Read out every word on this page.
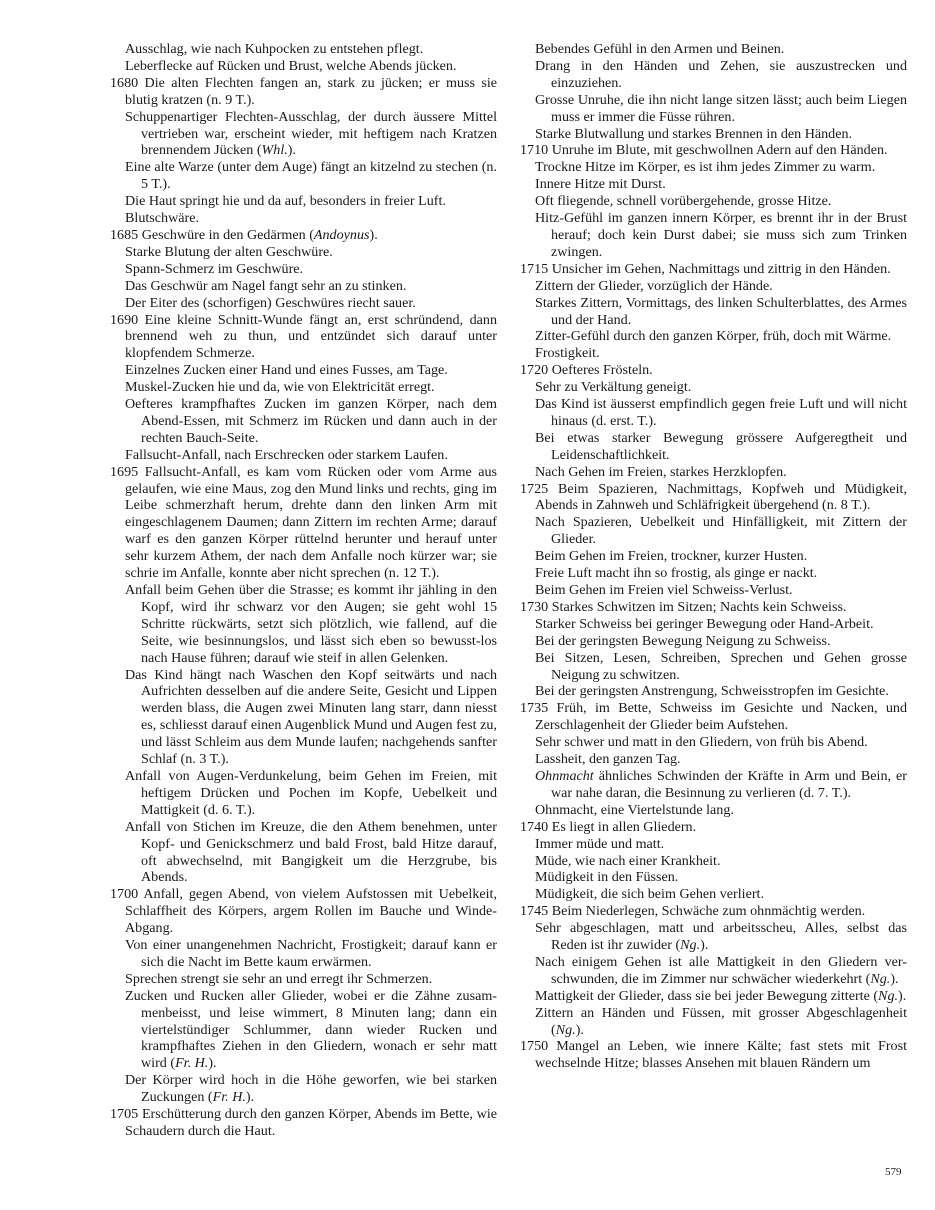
Ausschlag, wie nach Kuhpocken zu entstehen pflegt.
Leberflecke auf Rücken und Brust, welche Abends jücken.
1680 Die alten Flechten fangen an, stark zu jücken; er muss sie blutig kratzen (n. 9 T.).
Schuppenartiger Flechten-Ausschlag, der durch äussere Mittel vertrieben war, erscheint wieder, mit heftigem nach Kratzen brennendem Jücken (Whl.).
Eine alte Warze (unter dem Auge) fängt an kitzelnd zu stechen (n. 5 T.).
Die Haut springt hie und da auf, besonders in freier Luft.
Blutschwäre.
1685 Geschwüre in den Gedärmen (Andoynus).
Starke Blutung der alten Geschwüre.
Spann-Schmerz im Geschwüre.
Das Geschwür am Nagel fangt sehr an zu stinken.
Der Eiter des (schorfigen) Geschwüres riecht sauer.
1690 Eine kleine Schnitt-Wunde fängt an, erst schründend, dann brennend weh zu thun, und entzündet sich darauf unter klopfendem Schmerze.
Einzelnes Zucken einer Hand und eines Fusses, am Tage.
Muskel-Zucken hie und da, wie von Elektricität erregt.
Oefteres krampfhaftes Zucken im ganzen Körper, nach dem Abend-Essen, mit Schmerz im Rücken und dann auch in der rechten Bauch-Seite.
Fallsucht-Anfall, nach Erschrecken oder starkem Laufen.
1695 Fallsucht-Anfall, es kam vom Rücken oder vom Arme aus gelaufen, wie eine Maus, zog den Mund links und rechts, ging im Leibe schmerzhaft herum, drehte dann den linken Arm mit eingeschlagenem Daumen; dann Zittern im rechten Arme; darauf warf es den ganzen Körper rüttelnd herunter und herauf unter sehr kurzem Athem, der nach dem Anfalle noch kürzer war; sie schrie im Anfalle, konnte aber nicht sprechen (n. 12 T.).
Anfall beim Gehen über die Strasse; es kommt ihr jähling in den Kopf, wird ihr schwarz vor den Augen; sie geht wohl 15 Schritte rückwärts, setzt sich plötzlich, wie fallend, auf die Seite, wie besinnungslos, und lässt sich eben so bewusst-los nach Hause führen; darauf wie steif in allen Gelenken.
Das Kind hängt nach Waschen den Kopf seitwärts und nach Aufrichten desselben auf die andere Seite, Gesicht und Lippen werden blass, die Augen zwei Minuten lang starr, dann niesst es, schliesst darauf einen Augenblick Mund und Augen fest zu, und lässt Schleim aus dem Munde laufen; nachgehends sanfter Schlaf (n. 3 T.).
Anfall von Augen-Verdunkelung, beim Gehen im Freien, mit heftigem Drücken und Pochen im Kopfe, Uebelkeit und Mattigkeit (d. 6. T.).
Anfall von Stichen im Kreuze, die den Athem benehmen, unter Kopf- und Genickschmerz und bald Frost, bald Hitze darauf, oft abwechselnd, mit Bangigkeit um die Herzgrube, bis Abends.
1700 Anfall, gegen Abend, von vielem Aufstossen mit Uebelkeit, Schlaffheit des Körpers, argem Rollen im Bauche und Winde-Abgang.
Von einer unangenehmen Nachricht, Frostigkeit; darauf kann er sich die Nacht im Bette kaum erwärmen.
Sprechen strengt sie sehr an und erregt ihr Schmerzen.
Zucken und Rucken aller Glieder, wobei er die Zähne zusam-menbeisst, und leise wimmert, 8 Minuten lang; dann ein viertelstündiger Schlummer, dann wieder Rucken und krampfhaftes Ziehen in den Gliedern, wonach er sehr matt wird (Fr. H.).
Der Körper wird hoch in die Höhe geworfen, wie bei starken Zuckungen (Fr. H.).
1705 Erschütterung durch den ganzen Körper, Abends im Bette, wie Schaudern durch die Haut.
Bebendes Gefühl in den Armen und Beinen.
Drang in den Händen und Zehen, sie auszustrecken und einzuziehen.
Grosse Unruhe, die ihn nicht lange sitzen lässt; auch beim Liegen muss er immer die Füsse rühren.
Starke Blutwallung und starkes Brennen in den Händen.
1710 Unruhe im Blute, mit geschwollnen Adern auf den Händen.
Trockne Hitze im Körper, es ist ihm jedes Zimmer zu warm.
Innere Hitze mit Durst.
Oft fliegende, schnell vorübergehende, grosse Hitze.
Hitz-Gefühl im ganzen innern Körper, es brennt ihr in der Brust herauf; doch kein Durst dabei; sie muss sich zum Trinken zwingen.
1715 Unsicher im Gehen, Nachmittags und zittrig in den Händen.
Zittern der Glieder, vorzüglich der Hände.
Starkes Zittern, Vormittags, des linken Schulterblattes, des Armes und der Hand.
Zitter-Gefühl durch den ganzen Körper, früh, doch mit Wärme.
Frostigkeit.
1720 Oefteres Frösteln.
Sehr zu Verkältung geneigt.
Das Kind ist äusserst empfindlich gegen freie Luft und will nicht hinaus (d. erst. T.).
Bei etwas starker Bewegung grössere Aufgeregtheit und Leidenschaftlichkeit.
Nach Gehen im Freien, starkes Herzklopfen.
1725 Beim Spazieren, Nachmittags, Kopfweh und Müdigkeit, Abends in Zahnweh und Schläfrigkeit übergehend (n. 8 T.).
Nach Spazieren, Uebelkeit und Hinfälligkeit, mit Zittern der Glieder.
Beim Gehen im Freien, trockner, kurzer Husten.
Freie Luft macht ihn so frostig, als ginge er nackt.
Beim Gehen im Freien viel Schweiss-Verlust.
1730 Starkes Schwitzen im Sitzen; Nachts kein Schweiss.
Starker Schweiss bei geringer Bewegung oder Hand-Arbeit.
Bei der geringsten Bewegung Neigung zu Schweiss.
Bei Sitzen, Lesen, Schreiben, Sprechen und Gehen grosse Neigung zu schwitzen.
Bei der geringsten Anstrengung, Schweisstropfen im Gesichte.
1735 Früh, im Bette, Schweiss im Gesichte und Nacken, und Zerschlagenheit der Glieder beim Aufstehen.
Sehr schwer und matt in den Gliedern, von früh bis Abend.
Lassheit, den ganzen Tag.
Ohnmacht ähnliches Schwinden der Kräfte in Arm und Bein, er war nahe daran, die Besinnung zu verlieren (d. 7. T.).
Ohnmacht, eine Viertelstunde lang.
1740 Es liegt in allen Gliedern.
Immer müde und matt.
Müde, wie nach einer Krankheit.
Müdigkeit in den Füssen.
Müdigkeit, die sich beim Gehen verliert.
1745 Beim Niederlegen, Schwäche zum ohnmächtig werden.
Sehr abgeschlagen, matt und arbeitsscheu, Alles, selbst das Reden ist ihr zuwider (Ng.).
Nach einigem Gehen ist alle Mattigkeit in den Gliedern ver-schwunden, die im Zimmer nur schwächer wiederkehrt (Ng.).
Mattigkeit der Glieder, dass sie bei jeder Bewegung zitterte (Ng.).
Zittern an Händen und Füssen, mit grosser Abgeschlagenheit (Ng.).
1750 Mangel an Leben, wie innere Kälte; fast stets mit Frost wechselnde Hitze; blasses Ansehen mit blauen Rändern um
579
